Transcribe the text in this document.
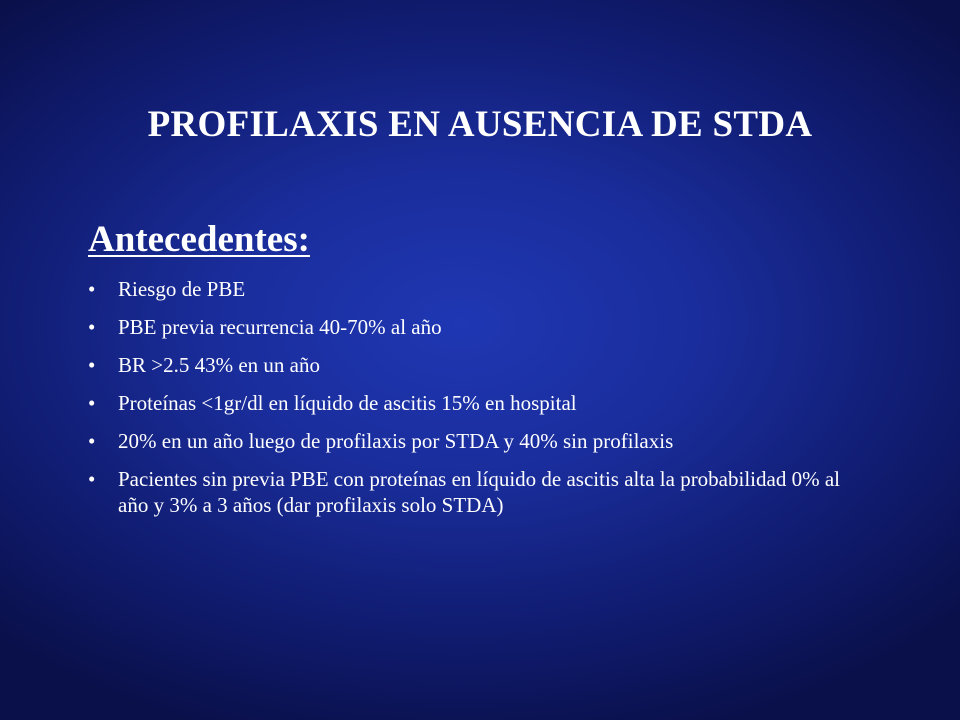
PROFILAXIS EN AUSENCIA DE STDA
Antecedentes:
• Riesgo de PBE
• PBE previa recurrencia 40-70% al año
• BR >2.5 43% en un año
• Proteínas <1gr/dl en líquido de ascitis 15% en hospital
• 20% en un año luego de profilaxis por STDA y 40% sin profilaxis
• Pacientes sin previa PBE con proteínas en líquido de ascitis alta la probabilidad 0% al año y 3% a 3 años (dar profilaxis solo STDA)
